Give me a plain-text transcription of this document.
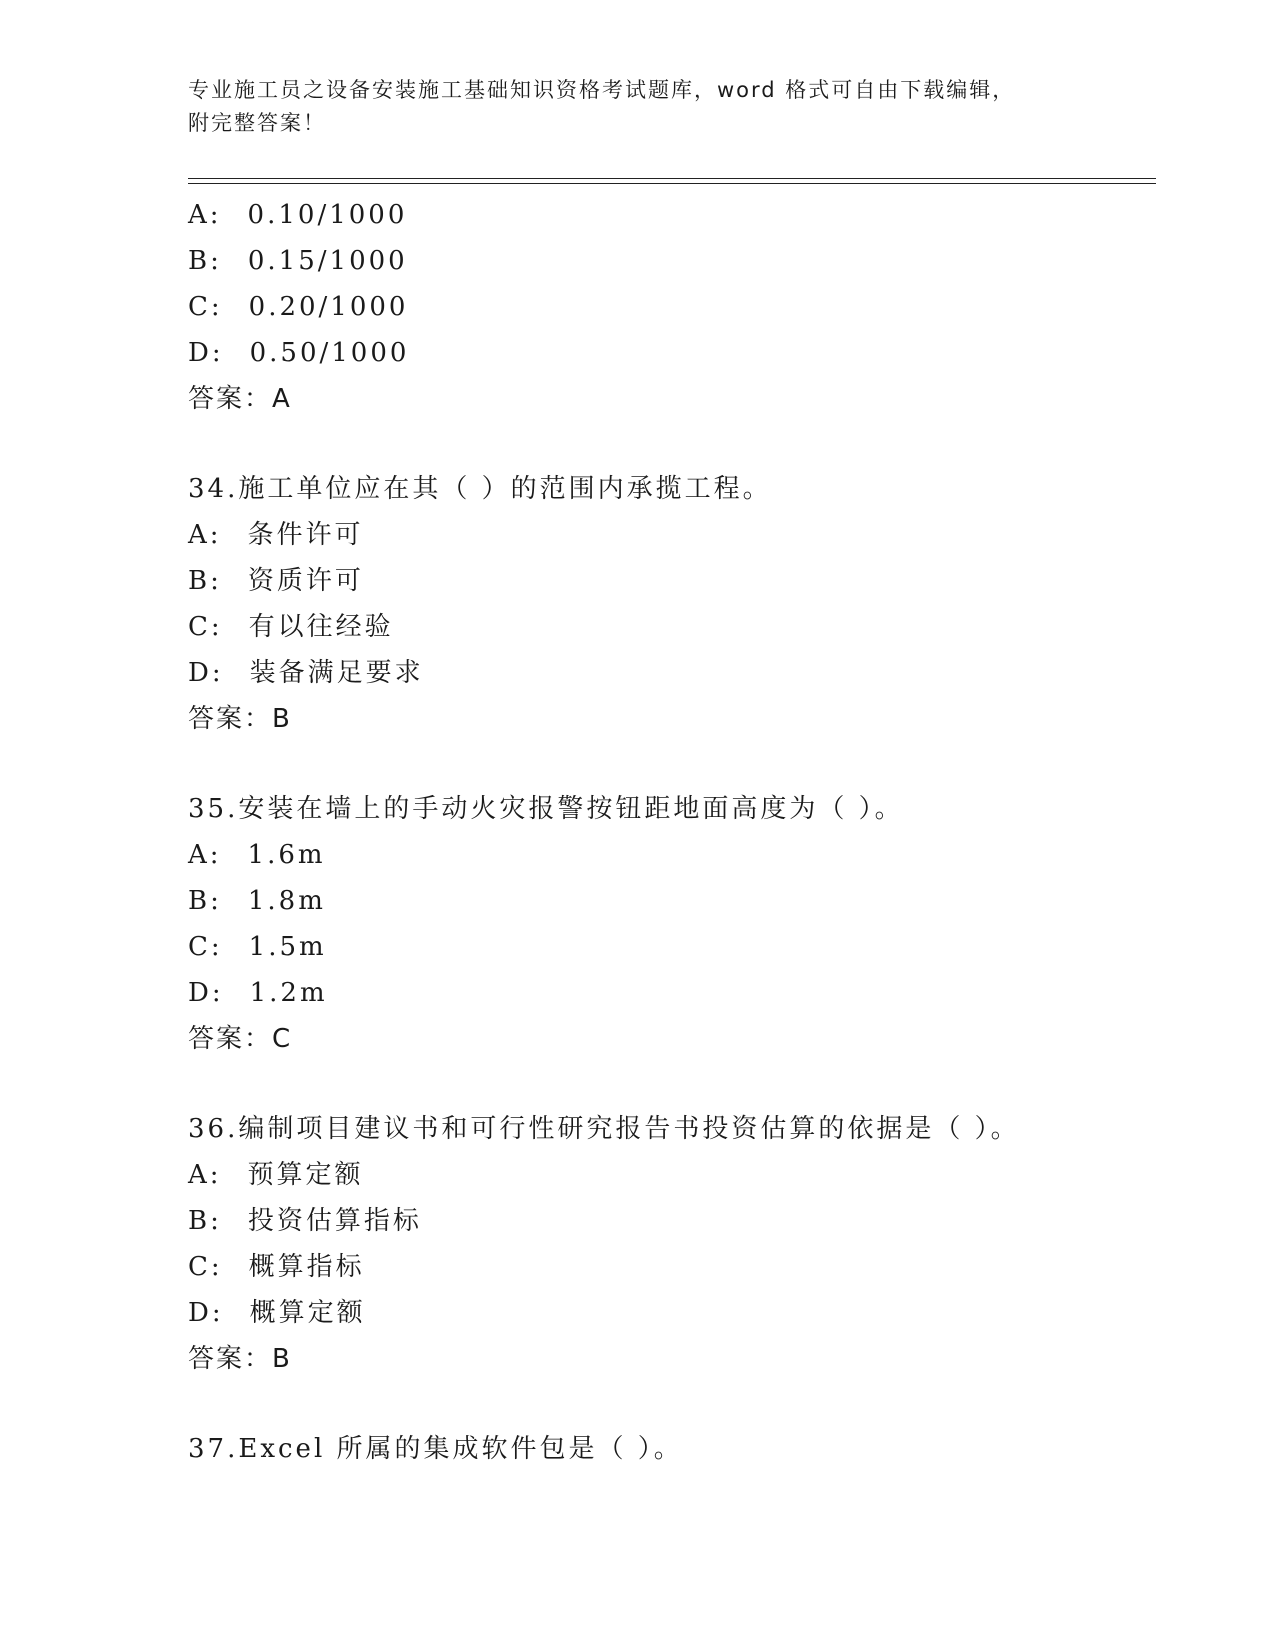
专业施工员之设备安装施工基础知识资格考试题库，word 格式可自由下载编辑，
附完整答案！
A: 0.10/1000
B: 0.15/1000
C: 0.20/1000
D: 0.50/1000
答案：A
34.施工单位应在其（ ）的范围内承揽工程。
A: 条件许可
B: 资质许可
C: 有以往经验
D: 装备满足要求
答案：B
35.安装在墙上的手动火灾报警按钮距地面高度为（ ）。
A: 1.6m
B: 1.8m
C: 1.5m
D: 1.2m
答案：C
36.编制项目建议书和可行性研究报告书投资估算的依据是（ ）。
A: 预算定额
B: 投资估算指标
C: 概算指标
D: 概算定额
答案：B
37.Excel 所属的集成软件包是（ ）。
